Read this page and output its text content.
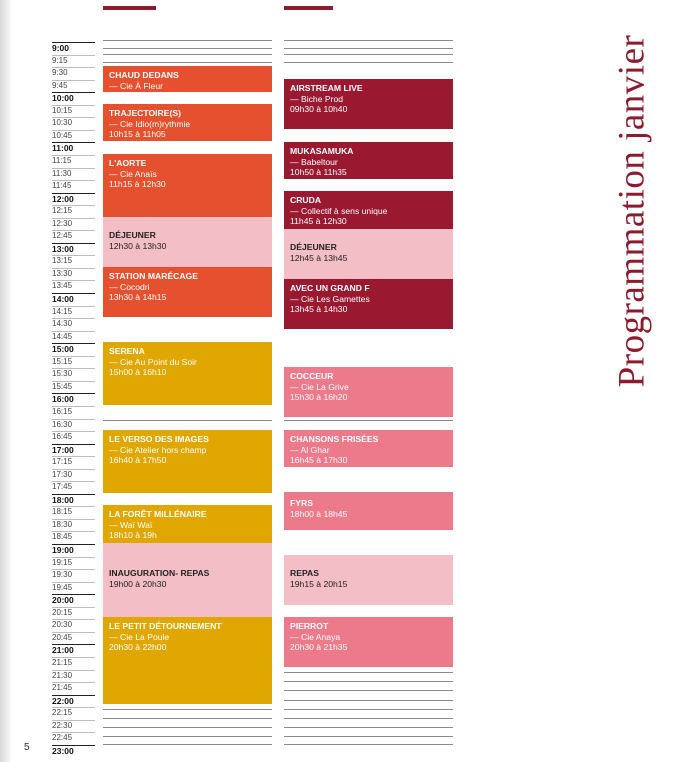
9:00
9:15
9:30
9:45
10:00
10:15
10:30
10:45
11:00
11:15
11:30
11:45
12:00
12:15
12:30
12:45
13:00
13:15
13:30
13:45
14:00
14:15
14:30
14:45
15:00
15:15
15:30
15:45
16:00
16:15
16:30
16:45
17:00
17:15
17:30
17:45
18:00
18:15
18:30
18:45
19:00
19:15
19:30
19:45
20:00
20:15
20:30
20:45
21:00
21:15
21:30
21:45
22:00
22:15
22:30
22:45
23:00
CHAUD DEDANS
— Cie À Fleur
de Scène 09h30 à 10h05
TRAJECTOIRE(S)
— Cie Idio(m)rythmie
10h15 à 11h05
L'AORTE
— Cie Anaïs
11h15 à 12h30
DÉJEUNER
12h30 à 13h30
STATION MARÉCAGE
— Cocodri
13h30 à 14h15
SERENA
— Cie Au Point du Soir
15h00 à 16h10
LE VERSO DES IMAGES
— Cie Atelier hors champ
16h40 à 17h50
LA FORÊT MILLÉNAIRE
— Waï Waï
18h10 à 19h
INAUGURATION- REPAS
19h00 à 20h30
LE PETIT DÉTOURNEMENT
— Cie La Poule
20h30 à 22h00
AIRSTREAM LIVE
— Biche Prod
09h30 à 10h40
MUKASAMUKA
— Babeltour
10h50 à 11h35
CRUDA
— Collectif à sens unique
11h45 à 12h30
DÉJEUNER
12h45 à 13h45
AVEC UN GRAND F
— Cie Les Gamettes
13h45 à 14h30
COCCEUR
— Cie La Grive
15h30 à 16h20
CHANSONS FRISÉES
— Al Ghar
16h45 à 17h30
FYRS
18h00 à 18h45
REPAS
19h15 à 20h15
PIERROT
— Cie Anaya
20h30 à 21h35
Programmation janvier
5
